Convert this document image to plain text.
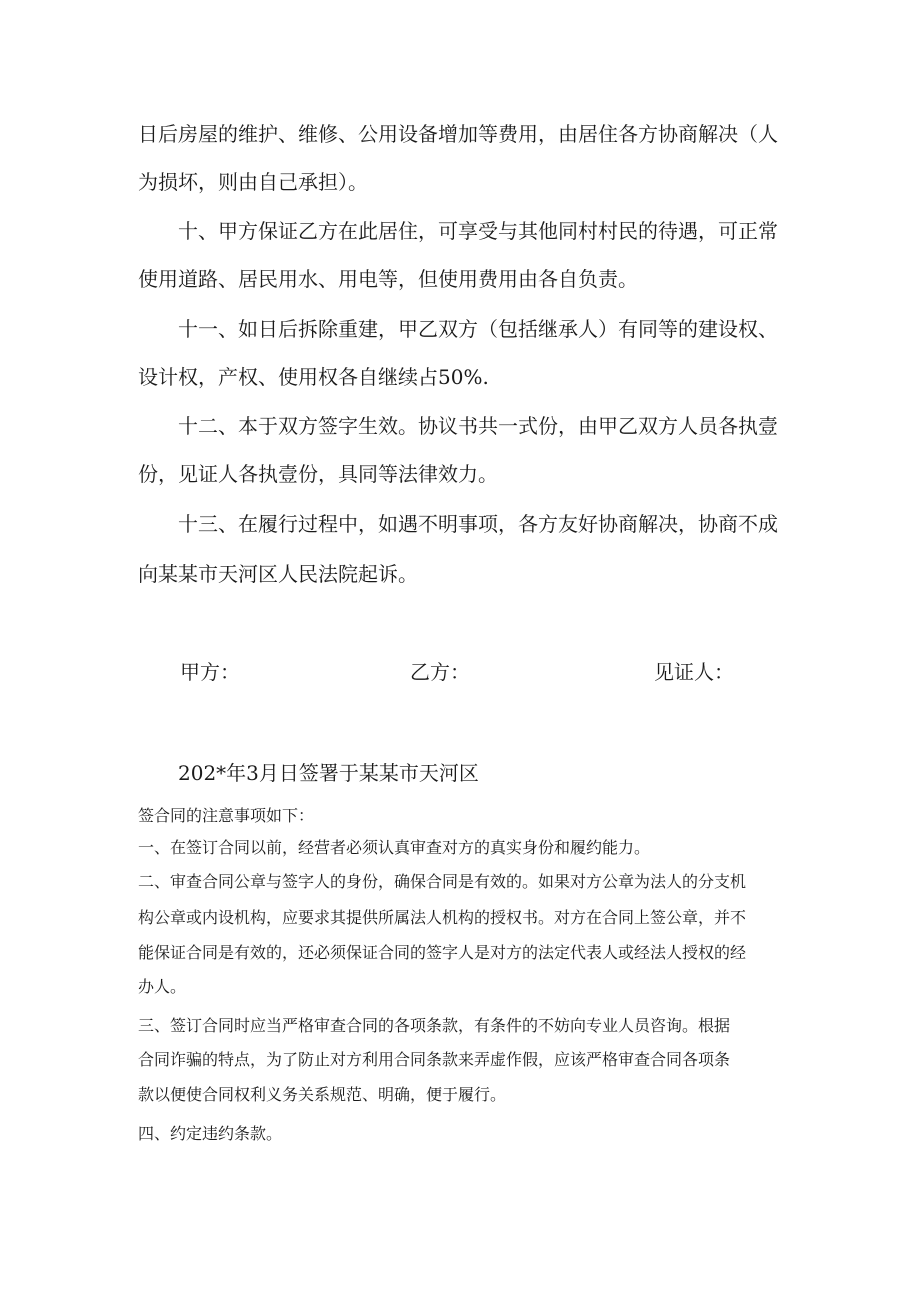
日后房屋的维护、维修、公用设备增加等费用，由居住各方协商解决（人
为损坏，则由自己承担）。
十、甲方保证乙方在此居住，可享受与其他同村村民的待遇，可正常
使用道路、居民用水、用电等，但使用费用由各自负责。
十一、如日后拆除重建，甲乙双方（包括继承人）有同等的建设权、
设计权，产权、使用权各自继续占50%.
十二、本于双方签字生效。协议书共一式份，由甲乙双方人员各执壹
份，见证人各执壹份，具同等法律效力。
十三、在履行过程中，如遇不明事项，各方友好协商解决，协商不成
向某某市天河区人民法院起诉。
甲方：	乙方：	见证人：
202*年3月日签署于某某市天河区
签合同的注意事项如下：
一、在签订合同以前，经营者必须认真审查对方的真实身份和履约能力。
二、审查合同公章与签字人的身份，确保合同是有效的。如果对方公章为法人的分支机
构公章或内设机构，应要求其提供所属法人机构的授权书。对方在合同上签公章，并不
能保证合同是有效的，还必须保证合同的签字人是对方的法定代表人或经法人授权的经
办人。
三、签订合同时应当严格审查合同的各项条款，有条件的不妨向专业人员咨询。根据
合同诈骗的特点，为了防止对方利用合同条款来弄虚作假，应该严格审查合同各项条
款以便使合同权利义务关系规范、明确，便于履行。
四、约定违约条款。
